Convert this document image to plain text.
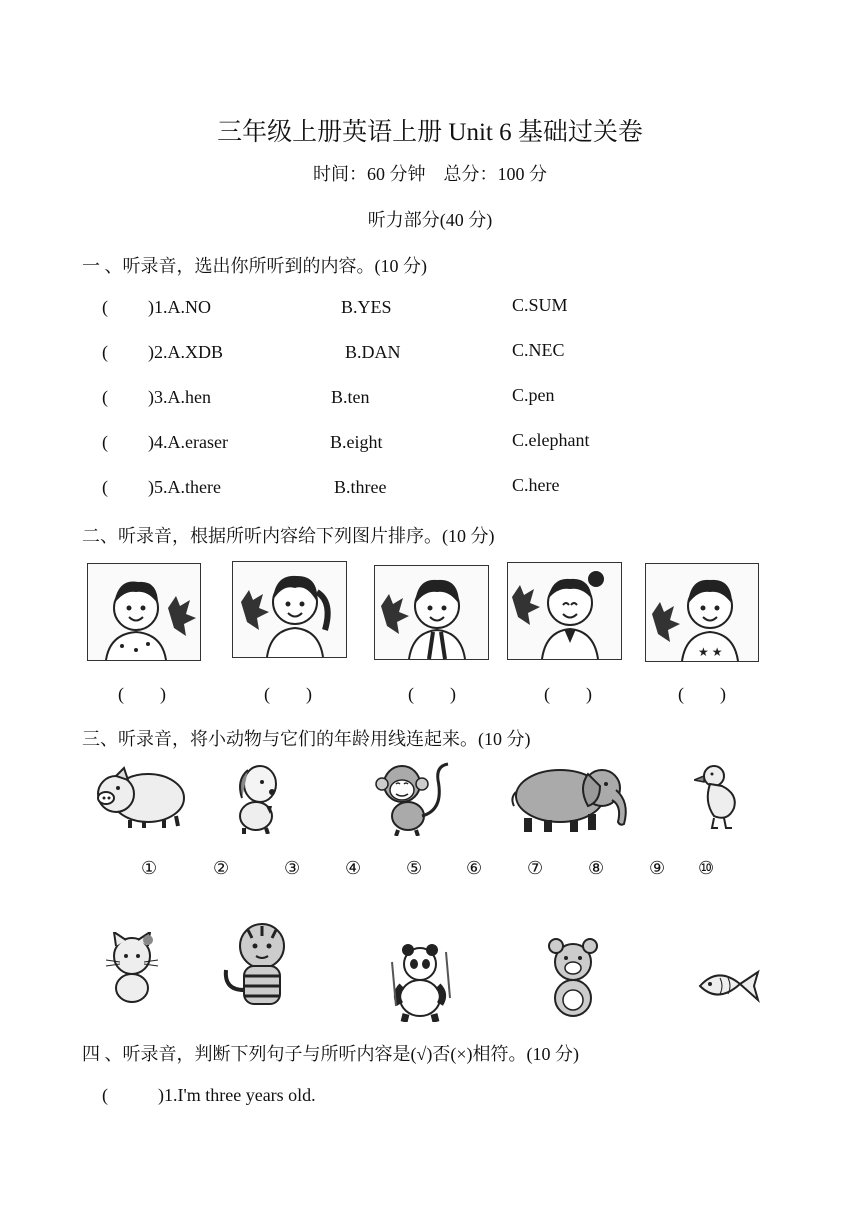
三年级上册英语上册 Unit 6 基础过关卷
时间：60 分钟　总分：100 分
听力部分(40 分)
一 、听录音，选出你所听到的内容。(10 分)
( )1.A.NO	B.YES	C.SUM
( )2.A.XDB	B.DAN	C.NEC
( )3.A.hen	B.ten	C.pen
( )4.A.eraser	B.eight	C.elephant
( )5.A.there	B.three	C.here
二、听录音，根据所听内容给下列图片排序。(10 分)
★ ★
(　　)	(　　)	(　　)	(　　)	(　　)
三、听录音，将小动物与它们的年龄用线连起来。(10 分)
①	②	③ ④ ⑤ ⑥ ⑦ ⑧ ⑨ ⑩
四 、听录音，判断下列句子与所听内容是(√)否(×)相符。(10 分)
(	)1.I'm three years old.
